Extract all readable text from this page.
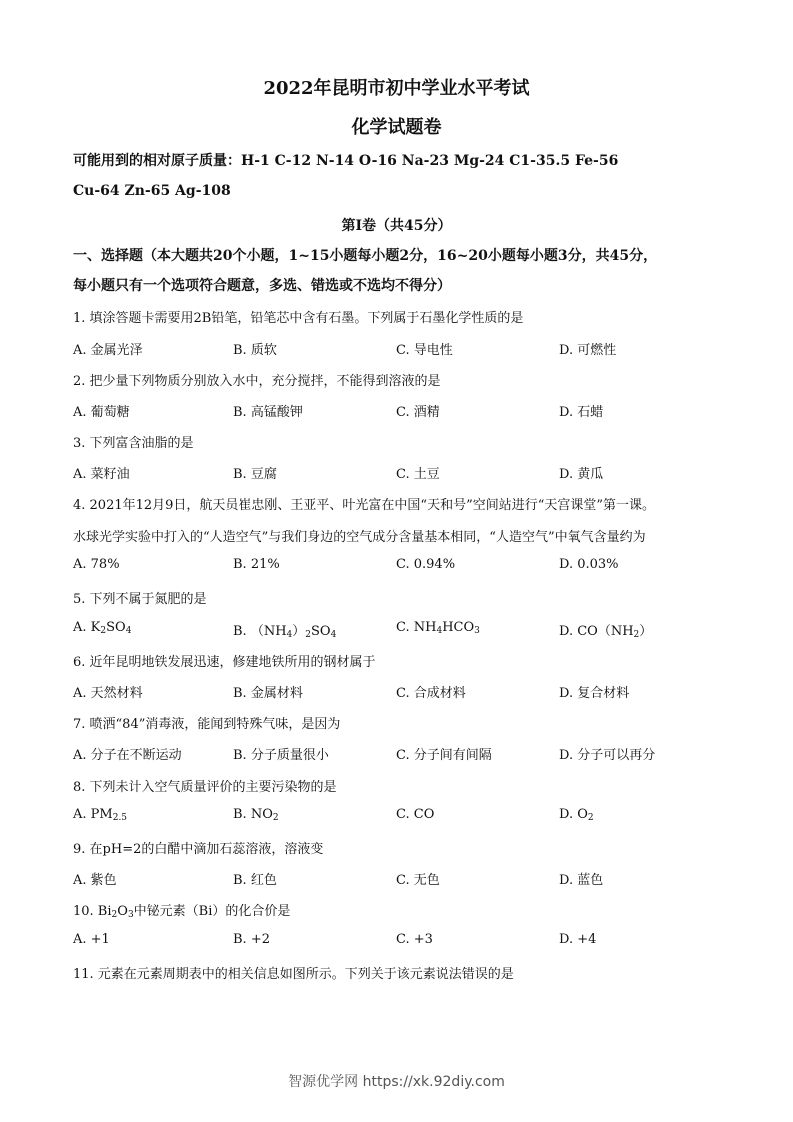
2022年昆明市初中学业水平考试
化学试题卷
可能用到的相对原子质量：H-1 C-12 N-14 O-16 Na-23 Mg-24 C1-35.5 Fe-56
Cu-64 Zn-65 Ag-108
第Ⅰ卷（共45分）
一、选择题（本大题共20个小题，1~15小题每小题2分，16~20小题每小题3分，共45分，
每小题只有一个选项符合题意，多选、错选或不选均不得分）
1. 填涂答题卡需要用2B铅笔，铅笔芯中含有石墨。下列属于石墨化学性质的是
A. 金属光泽	B. 质软	C. 导电性	D. 可燃性
2. 把少量下列物质分别放入水中，充分搅拌，不能得到溶液的是
A. 葡萄糖	B. 高锰酸钾	C. 酒精	D. 石蜡
3. 下列富含油脂的是
A. 菜籽油	B. 豆腐	C. 土豆	D. 黄瓜
4. 2021年12月9日，航天员崔忠刚、王亚平、叶光富在中国“天和号”空间站进行“天宫课堂”第一课。
水球光学实验中打入的“人造空气”与我们身边的空气成分含量基本相同，“人造空气”中氧气含量约为
A. 78%	B. 21%	C. 0.94%	D. 0.03%
5. 下列不属于氮肥的是
A. $K_2SO_4$	B. $(NH_4)_2SO_4$	C. $NH_4HCO_3$	D. $CO(NH_2)$
6. 近年昆明地铁发展迅速，修建地铁所用的钢材属于
A. 天然材料	B. 金属材料	C. 合成材料	D. 复合材料
7. 喷洒“84”消毒液，能闻到特殊气味，是因为
A. 分子在不断运动	B. 分子质量很小	C. 分子间有间隔	D. 分子可以再分
8. 下列未计入空气质量评价的主要污染物的是
A. $PM_{2.5}$	B. $NO_2$	C. CO	D. $O_2$
9. 在pH=2的白醋中滴加石蕊溶液，溶液变
A. 紫色	B. 红色	C. 无色	D. 蓝色
10. $Bi_2O_3$中铋元素（Bi）的化合价是
A. +1	B. +2	C. +3	D. +4
11. 元素在元素周期表中的相关信息如图所示。下列关于该元素说法错误的是
智源优学网 https://xk.92diy.com
